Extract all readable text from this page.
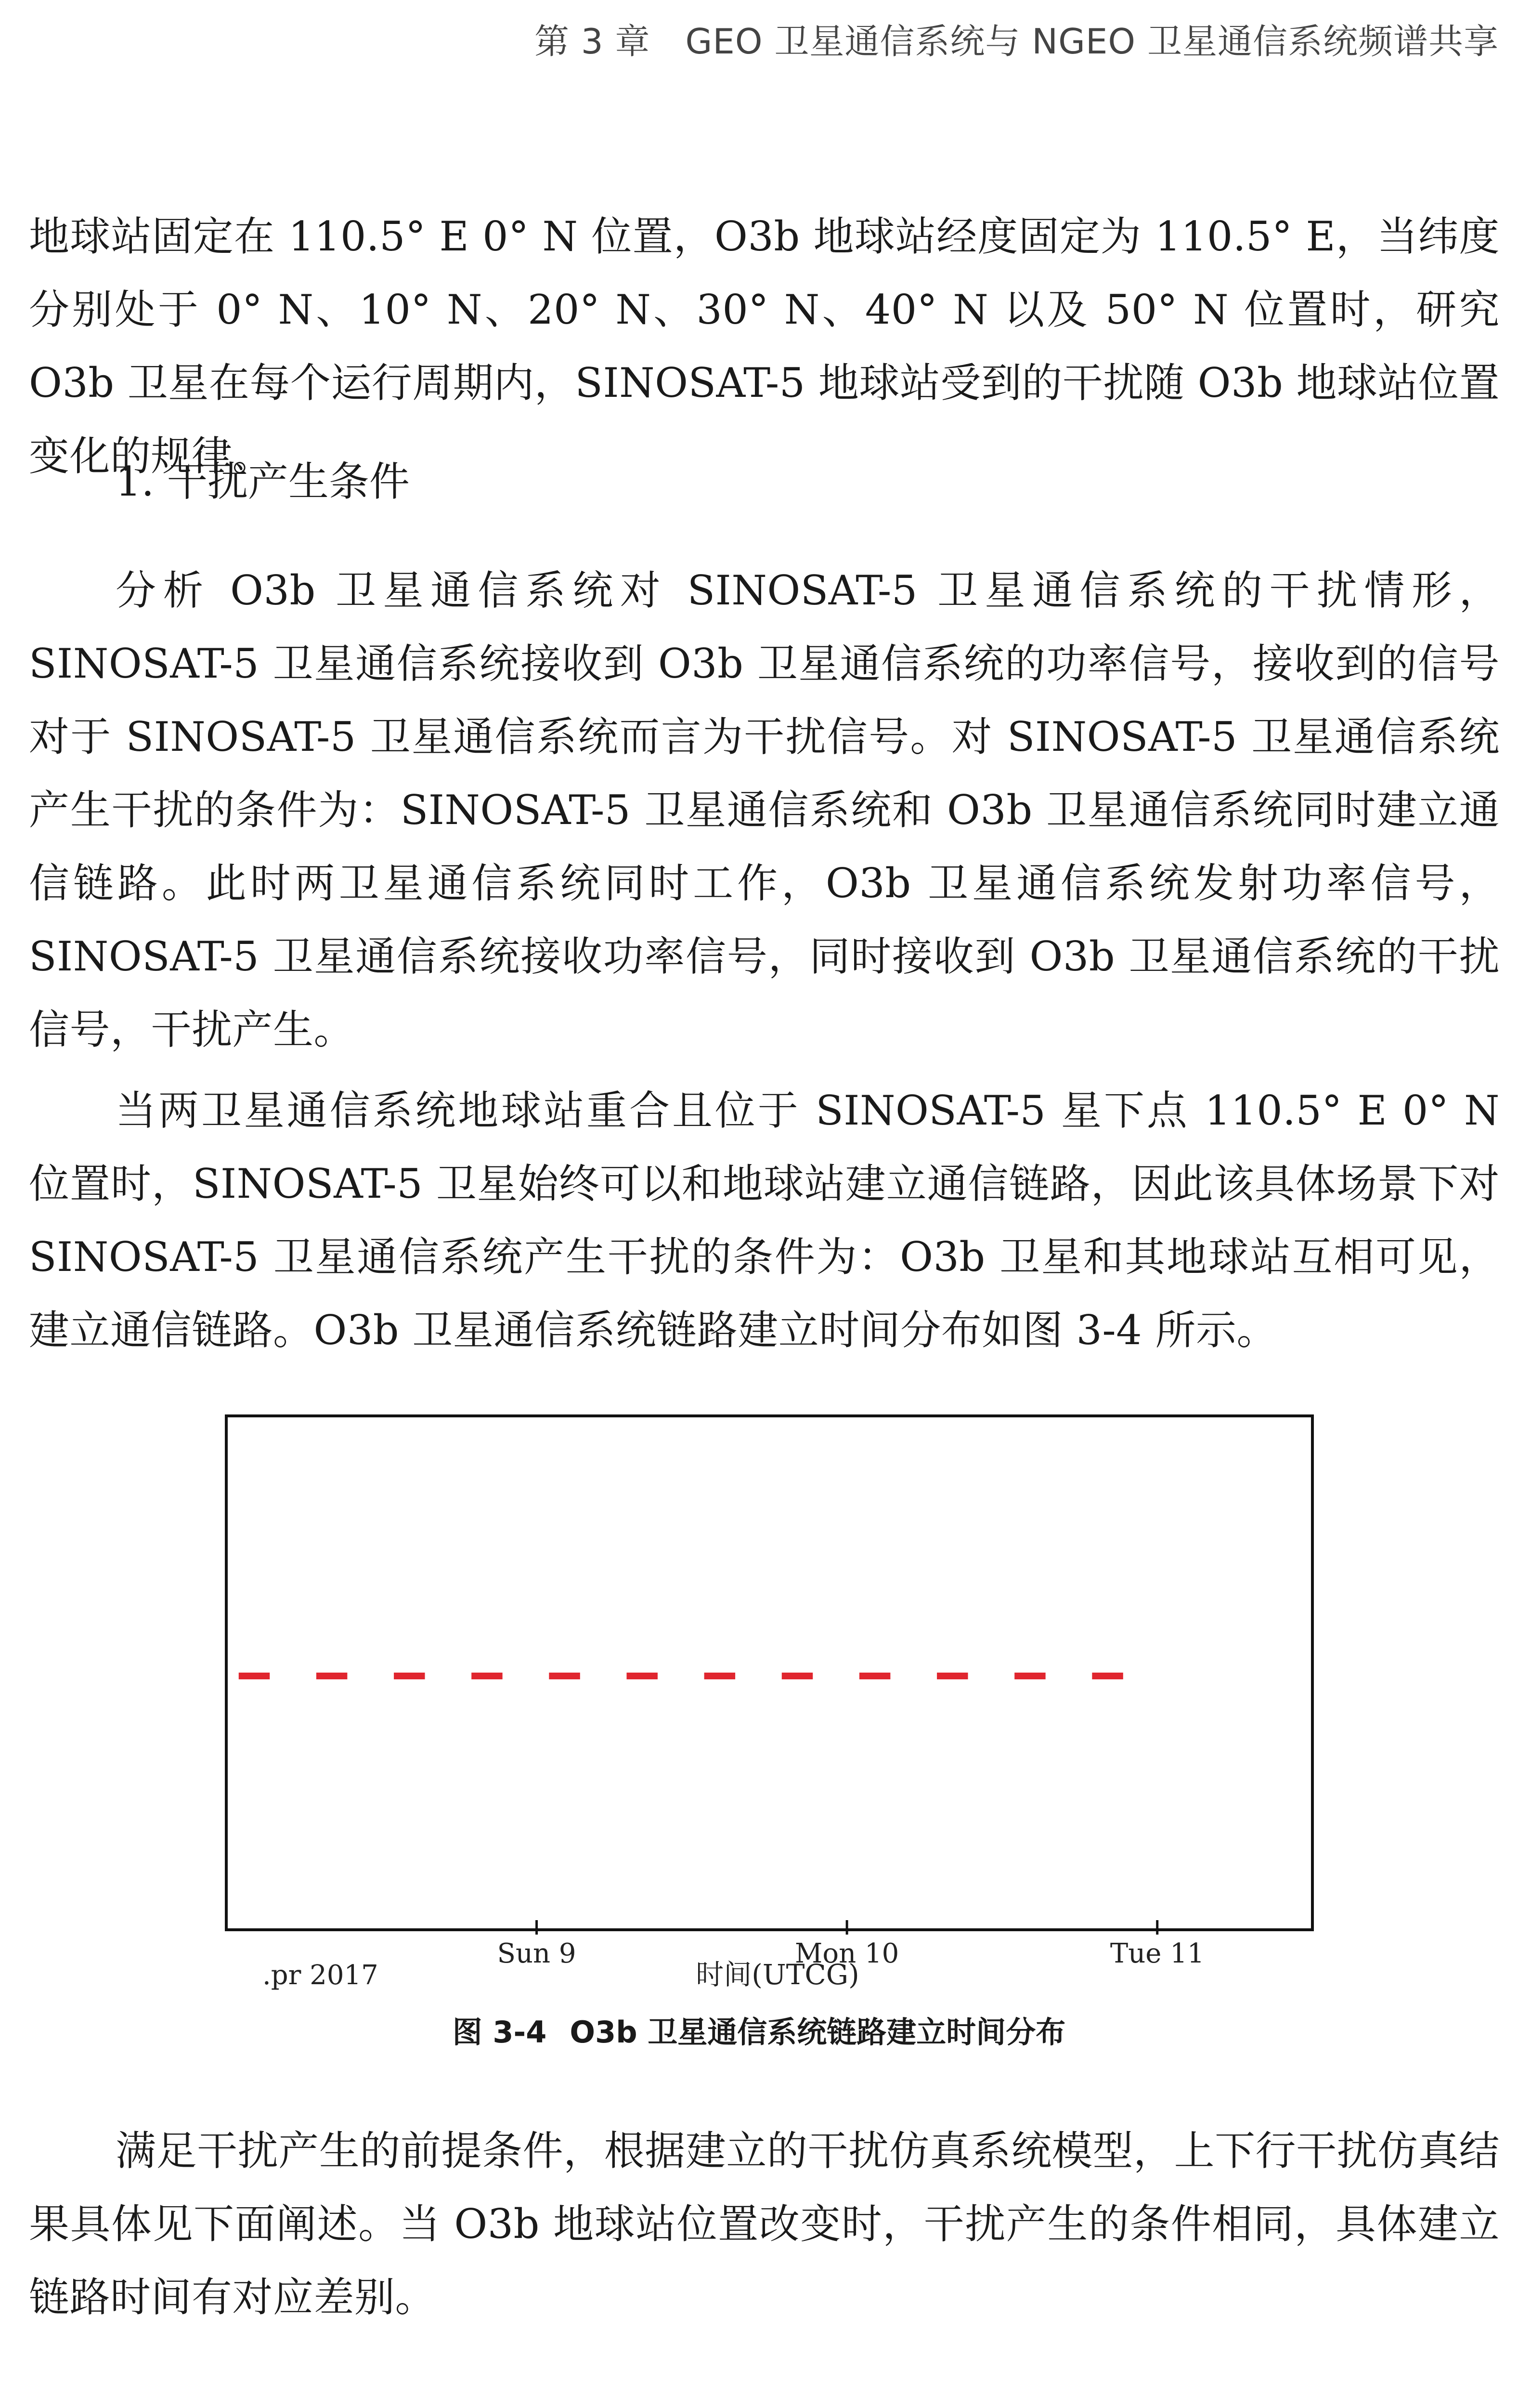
第 3 章　GEO 卫星通信系统与 NGEO 卫星通信系统频谱共享

地球站固定在 110.5° E 0° N 位置，O3b 地球站经度固定为 110.5° E，当纬度分别处于 0° N、10° N、20° N、30° N、40° N 以及 50° N 位置时，研究 O3b 卫星在每个运行周期内，SINOSAT-5 地球站受到的干扰随 O3b 地球站位置变化的规律。

1. 干扰产生条件

分析 O3b 卫星通信系统对 SINOSAT-5 卫星通信系统的干扰情形，SINOSAT-5 卫星通信系统接收到 O3b 卫星通信系统的功率信号，接收到的信号对于 SINOSAT-5 卫星通信系统而言为干扰信号。对 SINOSAT-5 卫星通信系统产生干扰的条件为：SINOSAT-5 卫星通信系统和 O3b 卫星通信系统同时建立通信链路。此时两卫星通信系统同时工作，O3b 卫星通信系统发射功率信号，SINOSAT-5 卫星通信系统接收功率信号，同时接收到 O3b 卫星通信系统的干扰信号，干扰产生。

当两卫星通信系统地球站重合且位于 SINOSAT-5 星下点 110.5° E 0° N 位置时，SINOSAT-5 卫星始终可以和地球站建立通信链路，因此该具体场景下对 SINOSAT-5 卫星通信系统产生干扰的条件为：O3b 卫星和其地球站互相可见，建立通信链路。O3b 卫星通信系统链路建立时间分布如图 3-4 所示。

Sun 9	Mon 10	Tue 11
.pr 2017	时间(UTCG)
图 3-4 O3b 卫星通信系统链路建立时间分布

满足干扰产生的前提条件，根据建立的干扰仿真系统模型，上下行干扰仿真结果具体见下面阐述。当 O3b 地球站位置改变时，干扰产生的条件相同，具体建立链路时间有对应差别。
